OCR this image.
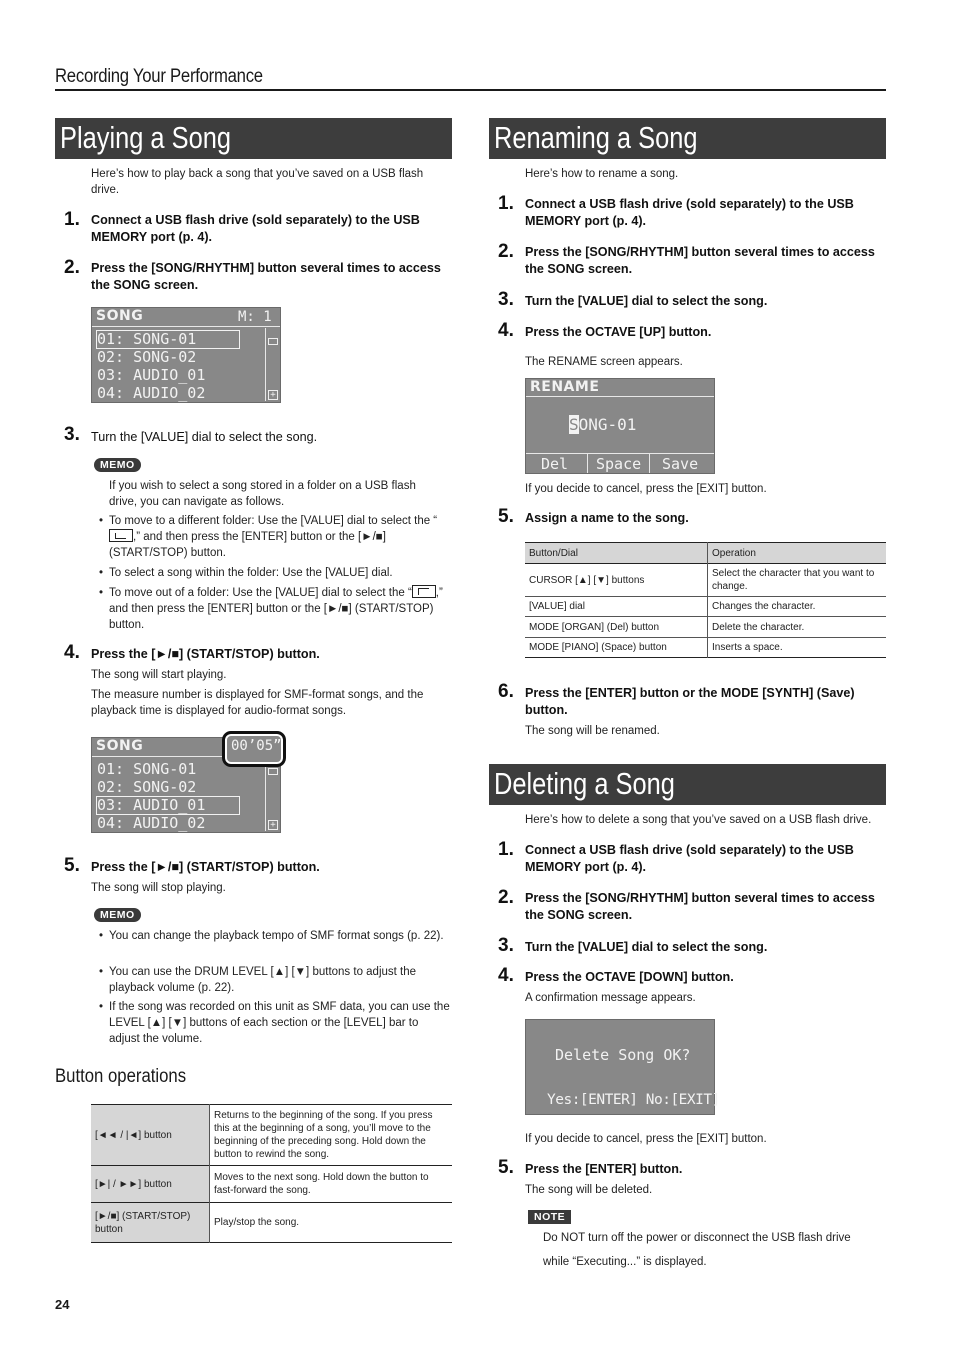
Recording Your Performance
Playing a Song
Here’s how to play back a song that you’ve saved on a USB flash drive.
1. Connect a USB flash drive (sold separately) to the USB MEMORY port (p. 4).
2. Press the [SONG/RHYTHM] button several times to access the SONG screen.
SONG	M: 1
01: SONG-01
02: SONG-02
03: AUDIO_01
04: AUDIO_02	+
3. Turn the [VALUE] dial to select the song.
MEMO
If you wish to select a song stored in a folder on a USB flash drive, you can navigate as follows.
• To move to a different folder: Use the [VALUE] dial to select the “
,” and then press the [ENTER] button or the [►/■] (START/STOP) button.
• To select a song within the folder: Use the [VALUE] dial.
• To move out of a folder: Use the [VALUE] dial to select the “ ,” and then press the [ENTER] button or the [►/■] (START/STOP) button.
4. Press the [►/■] (START/STOP) button.
The song will start playing.
The measure number is displayed for SMF-format songs, and the playback time is displayed for audio-format songs.
SONG
01: SONG-01
02: SONG-02
03: AUDIO_01
04: AUDIO_02	+
00’05”
5. Press the [►/■] (START/STOP) button.
The song will stop playing.
MEMO
• You can change the playback tempo of SMF format songs (p. 22).
• You can use the DRUM LEVEL [▲] [▼] buttons to adjust the playback volume (p. 22).
• If the song was recorded on this unit as SMF data, you can use the LEVEL [▲] [▼] buttons of each section or the [LEVEL] bar to adjust the volume.
Button operations
[◄◄ / |◄] button	Returns to the beginning of the song. If you press this at the beginning of a song, you’ll move to the beginning of the preceding song. Hold down the button to rewind the song.
[►| / ►►] button	Moves to the next song. Hold down the button to fast-forward the song.
[►/■] (START/STOP) button	Play/stop the song.
24
Renaming a Song
Here’s how to rename a song.
1. Connect a USB flash drive (sold separately) to the USB MEMORY port (p. 4).
2. Press the [SONG/RHYTHM] button several times to access the SONG screen.
3. Turn the [VALUE] dial to select the song.
4. Press the OCTAVE [UP] button.
The RENAME screen appears.
RENAME
SONG-01
Del Space Save
If you decide to cancel, press the [EXIT] button.
5. Assign a name to the song.
Button/Dial	Operation
CURSOR [▲] [▼] buttons	Select the character that you want to change.
[VALUE] dial	Changes the character.
MODE [ORGAN] (Del) button	Delete the character.
MODE [PIANO] (Space) button	Inserts a space.
6. Press the [ENTER] button or the MODE [SYNTH] (Save) button.
The song will be renamed.
Deleting a Song
Here’s how to delete a song that you’ve saved on a USB flash drive.
1. Connect a USB flash drive (sold separately) to the USB MEMORY port (p. 4).
2. Press the [SONG/RHYTHM] button several times to access the SONG screen.
3. Turn the [VALUE] dial to select the song.
4. Press the OCTAVE [DOWN] button.
A confirmation message appears.
Delete Song OK?
Yes:[ENTER] No:[EXIT]
If you decide to cancel, press the [EXIT] button.
5. Press the [ENTER] button.
The song will be deleted.
NOTE
Do NOT turn off the power or disconnect the USB flash drive
while “Executing...” is displayed.
